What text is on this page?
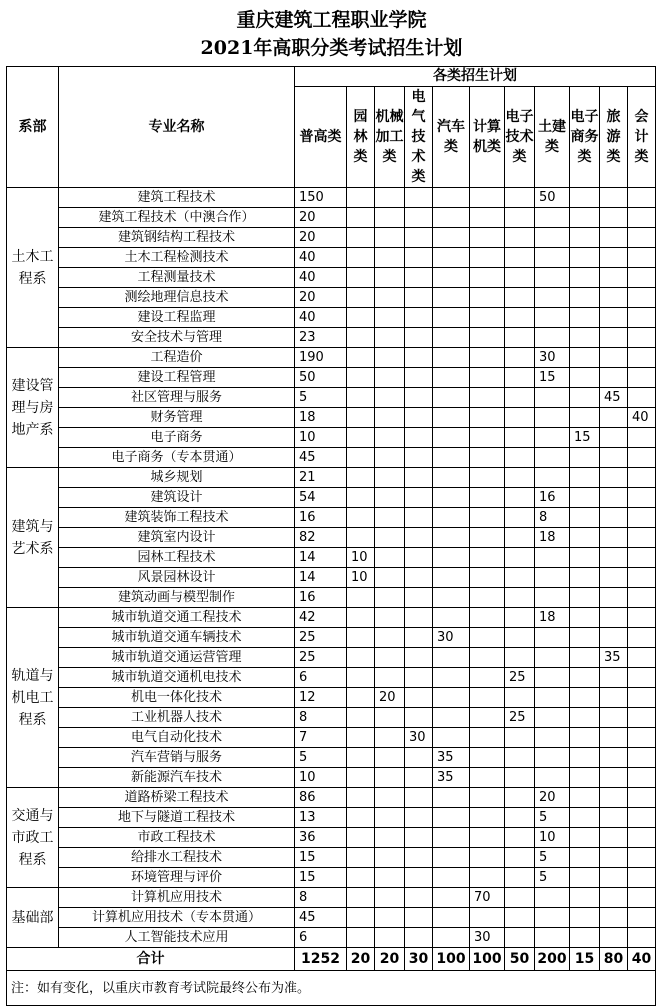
重庆建筑工程职业学院
2021年高职分类考试招生计划
系部	专业名称	各类招生计划										
		普高类	园林类	机械加工类	电气技术类	汽车类	计算机类	电子技术类	土建类	电子商务类	旅游类	会计类
土木工程系	建筑工程技术	150							50			
	建筑工程技术（中澳合作）	20										
	建筑钢结构工程技术	20										
	土木工程检测技术	40										
	工程测量技术	40										
	测绘地理信息技术	20										
	建设工程监理	40										
	安全技术与管理	23										
建设管理与房地产系	工程造价	190							30			
	建设工程管理	50							15			
	社区管理与服务	5									45	
	财务管理	18										40
	电子商务	10								15		
	电子商务（专本贯通）	45										
建筑与艺术系	城乡规划	21										
	建筑设计	54							16			
	建筑装饰工程技术	16							8			
	建筑室内设计	82							18			
	园林工程技术	14	10									
	风景园林设计	14	10									
	建筑动画与模型制作	16										
轨道与机电工程系	城市轨道交通工程技术	42							18			
	城市轨道交通车辆技术	25				30						
	城市轨道交通运营管理	25									35	
	城市轨道交通机电技术	6						25				
	机电一体化技术	12		20								
	工业机器人技术	8						25				
	电气自动化技术	7			30							
	汽车营销与服务	5				35						
	新能源汽车技术	10				35						
交通与市政工程系	道路桥梁工程技术	86							20			
	地下与隧道工程技术	13							5			
	市政工程技术	36							10			
	给排水工程技术	15							5			
	环境管理与评价	15							5			
基础部	计算机应用技术	8					70					
	计算机应用技术（专本贯通）	45										
	人工智能技术应用	6					30					
合计		1252	20	20	30	100	100	50	200	15	80	40
注：如有变化，以重庆市教育考试院最终公布为准。												
